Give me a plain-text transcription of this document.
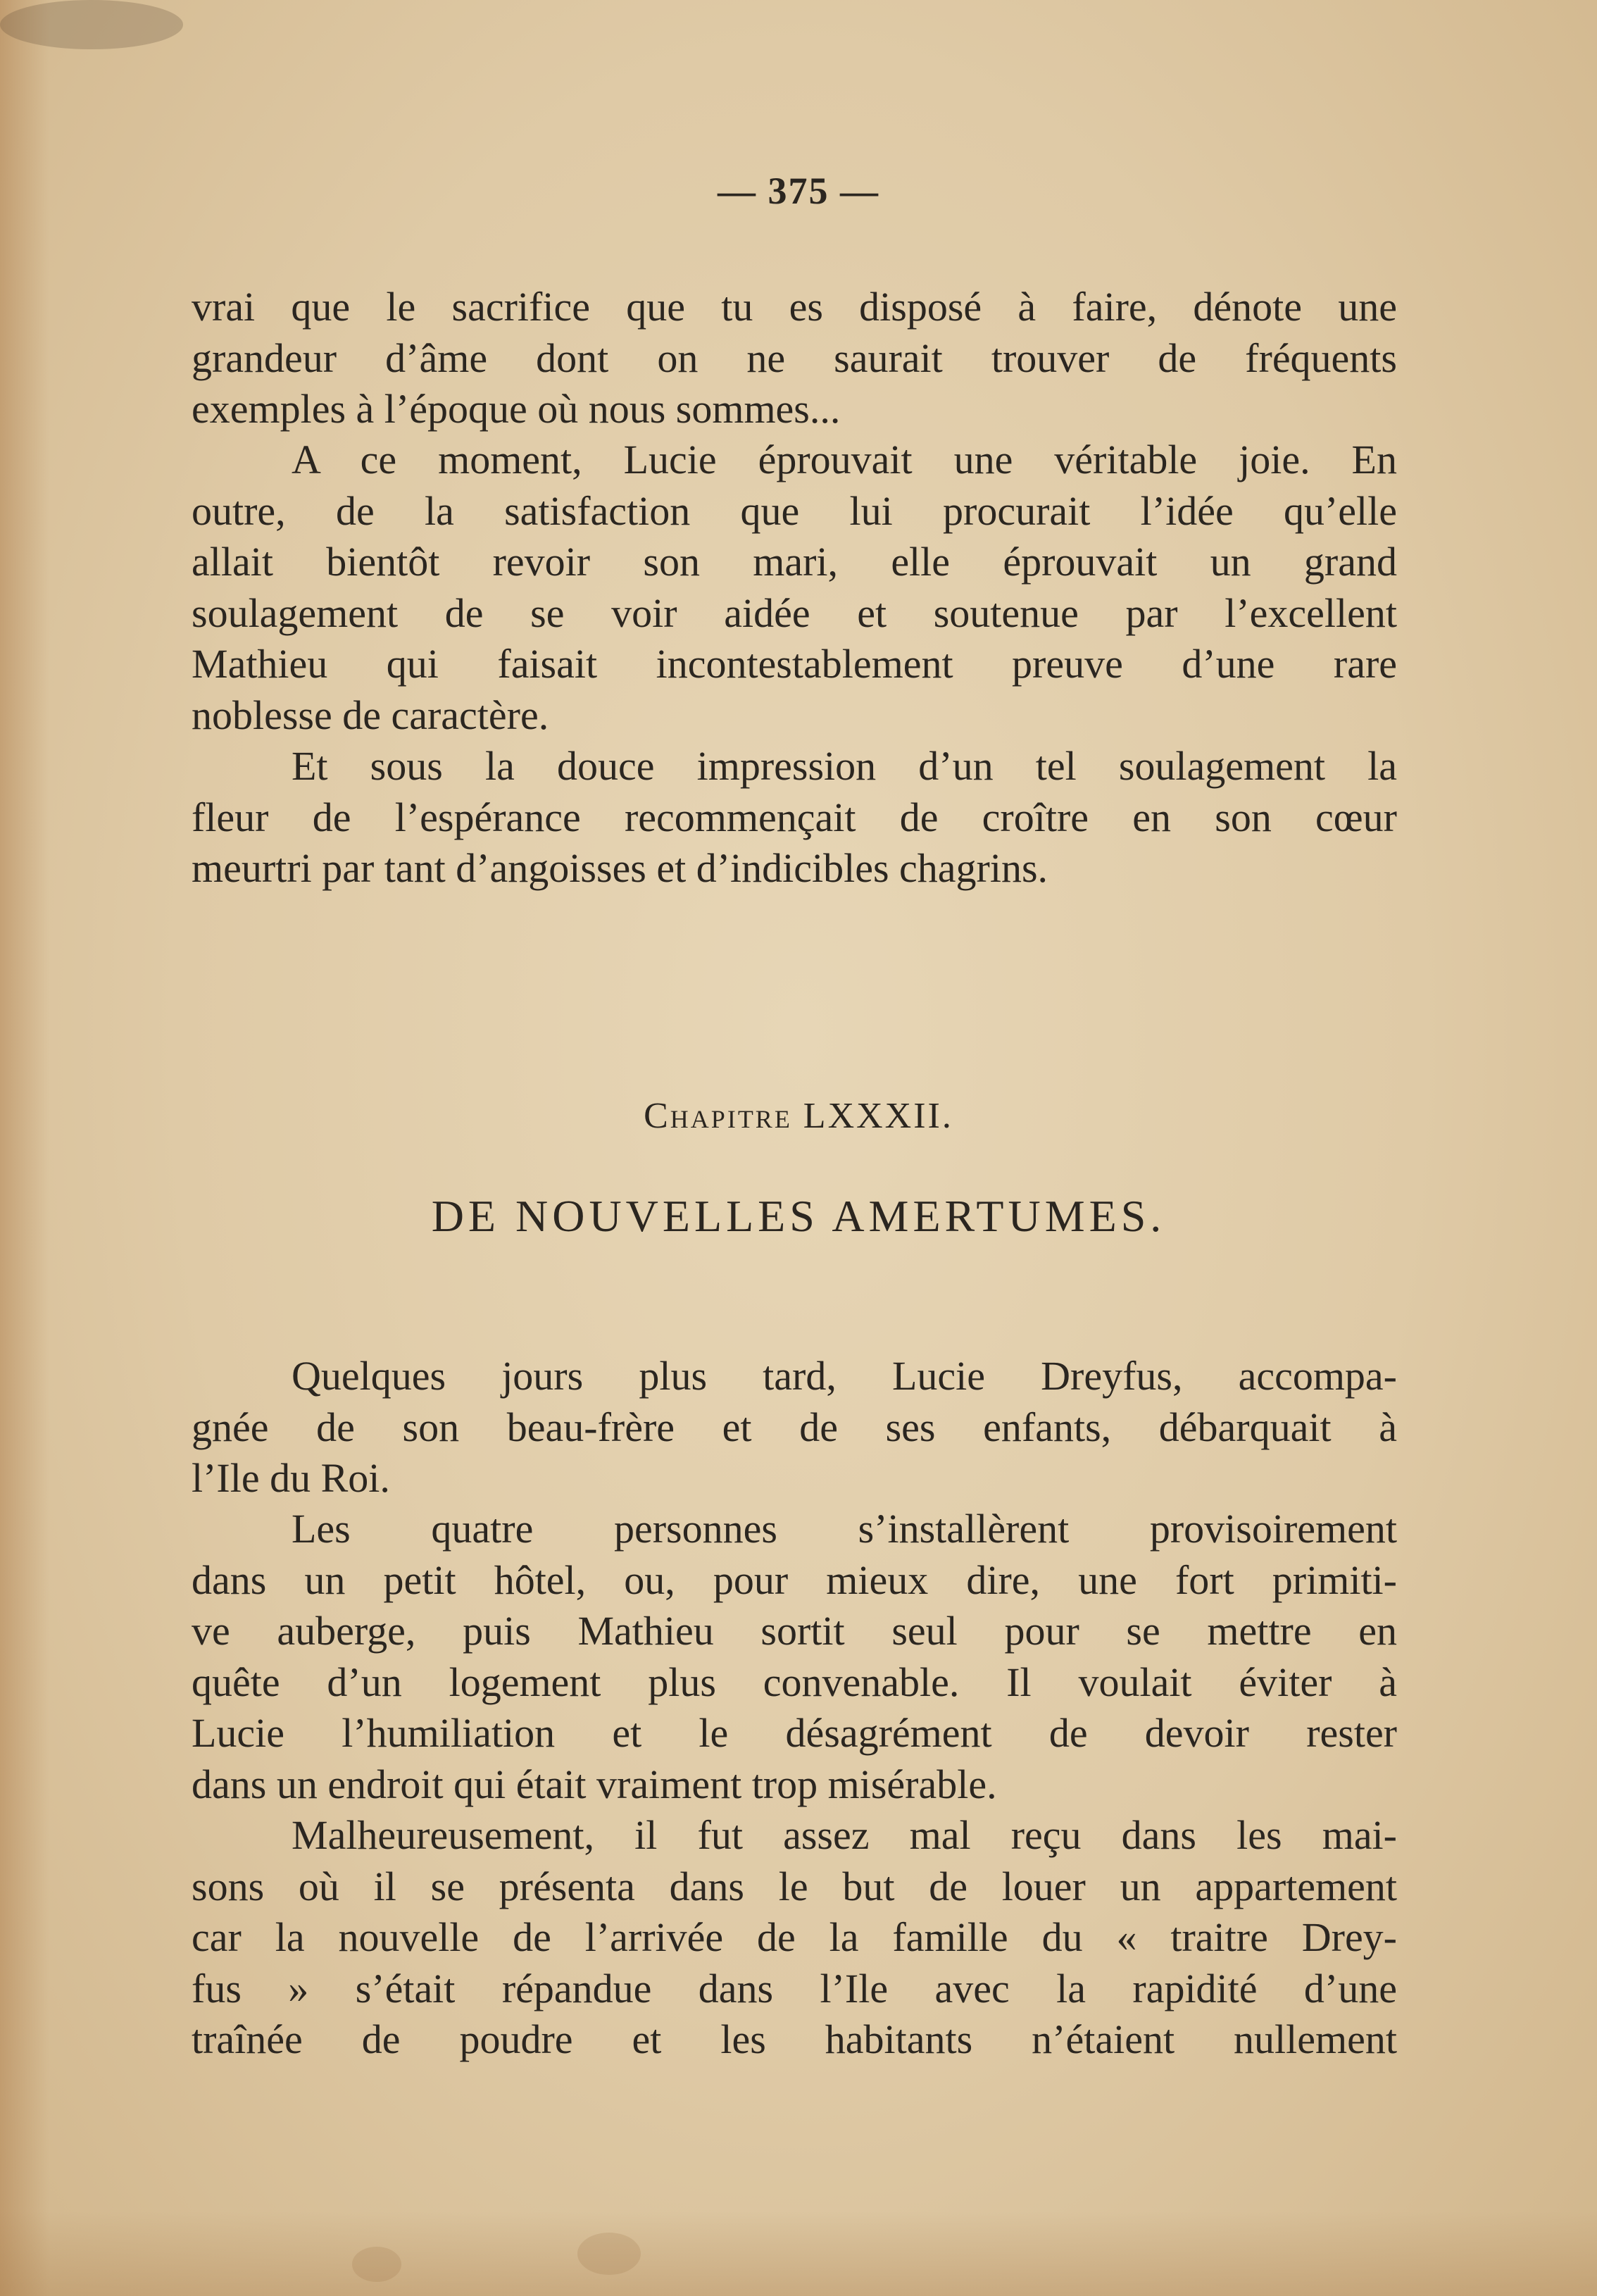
— 375 —
vrai que le sacrifice que tu es disposé à faire, dénote une
grandeur d’âme dont on ne saurait trouver de fréquents
exemples à l’époque où nous sommes...
A ce moment, Lucie éprouvait une véritable joie. En
outre, de la satisfaction que lui procurait l’idée qu’elle
allait bientôt revoir son mari, elle éprouvait un grand
soulagement de se voir aidée et soutenue par l’excellent
Mathieu qui faisait incontestablement preuve d’une rare
noblesse de caractère.
Et sous la douce impression d’un tel soulagement la
fleur de l’espérance recommençait de croître en son cœur
meurtri par tant d’angoisses et d’indicibles chagrins.
Chapitre LXXXII.
DE NOUVELLES AMERTUMES.
Quelques jours plus tard, Lucie Dreyfus, accompa-
gnée de son beau-frère et de ses enfants, débarquait à
l’Ile du Roi.
Les quatre personnes s’installèrent provisoirement
dans un petit hôtel, ou, pour mieux dire, une fort primiti-
ve auberge, puis Mathieu sortit seul pour se mettre en
quête d’un logement plus convenable. Il voulait éviter à
Lucie l’humiliation et le désagrément de devoir rester
dans un endroit qui était vraiment trop misérable.
Malheureusement, il fut assez mal reçu dans les mai-
sons où il se présenta dans le but de louer un appartement
car la nouvelle de l’arrivée de la famille du « traitre Drey-
fus » s’était répandue dans l’Ile avec la rapidité d’une
traînée de poudre et les habitants n’étaient nullement
